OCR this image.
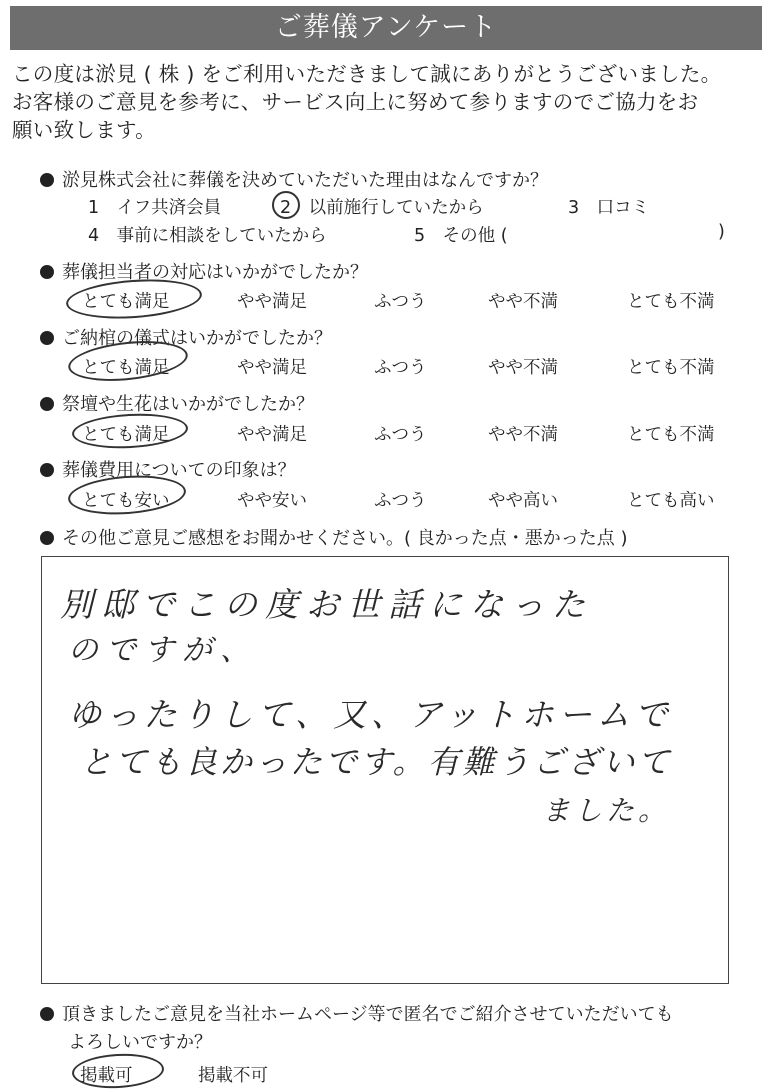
ご葬儀アンケート
この度は淤見 ( 株 ) をご利用いただきまして誠にありがとうございました。
お客様のご意見を参考に、サービス向上に努めて参りますのでご協力をお
願い致します。
淤見株式会社に葬儀を決めていただいた理由はなんですか？
1　 イフ共済会員	2　 以前施行していたから	3　 口コミ
4　 事前に相談をしていたから	5　 その他 (	)
葬儀担当者の対応はいかがでしたか？
とても満足	やや満足	ふつう	やや不満	とても不満
ご納棺の儀式はいかがでしたか？
とても満足	やや満足	ふつう	やや不満	とても不満
祭壇や生花はいかがでしたか？
とても満足	やや満足	ふつう	やや不満	とても不満
葬儀費用についての印象は？
とても安い	やや安い	ふつう	やや高い	とても高い
その他ご意見ご感想をお聞かせください。( 良かった点・悪かった点 )
別邸でこの度お世話になった
のですが、
ゆったりして、又、アットホームで
とても良かったです。有難うございて
ました。
頂きましたご意見を当社ホームページ等で匿名でご紹介させていただいても
よろしいですか？
掲載可	掲載不可
